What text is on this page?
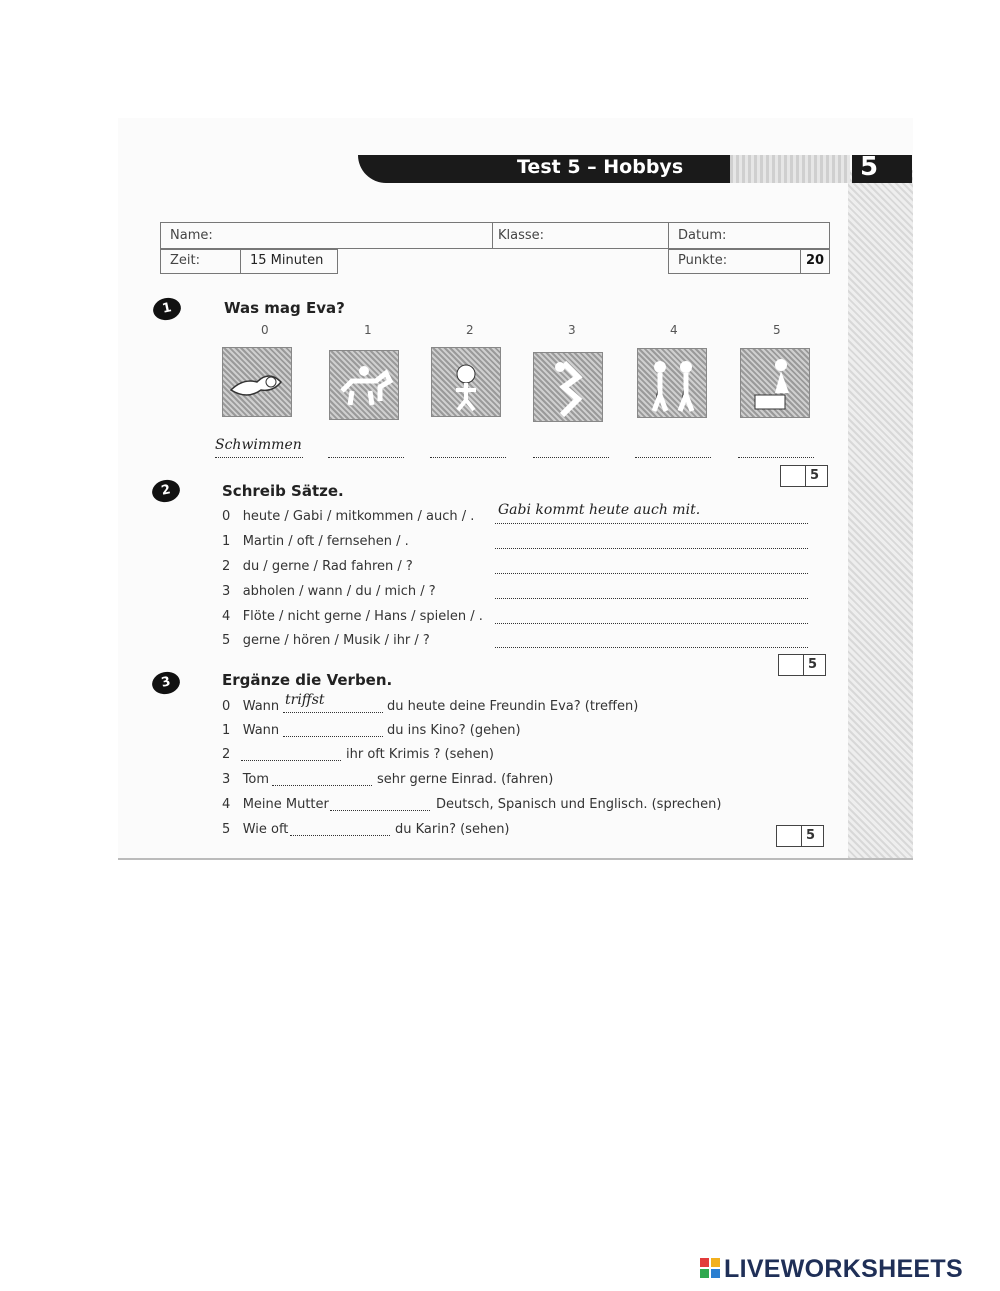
Test 5 – Hobbys	5
Name:	Klasse:	Datum:
Zeit:	15 Minuten	Punkte:	20
1	Was mag Eva?
0	1	2	3	4	5
Schwimmen
5
2	Schreib Sätze.
0 heute / Gabi / mitkommen / auch / . Gabi kommt heute auch mit.
1 Martin / oft / fernsehen / .
2 du / gerne / Rad fahren / ?
3 abholen / wann / du / mich / ?
4 Flöte / nicht gerne / Hans / spielen / .
5 gerne / hören / Musik / ihr / ?
5
3	Ergänze die Verben.
0 Wann triffst	du heute deine Freundin Eva? (treffen)
1 Wann	du ins Kino? (gehen)
2	ihr oft Krimis ? (sehen)
3 Tom	sehr gerne Einrad. (fahren)
4 Meine Mutter	Deutsch, Spanisch und Englisch. (sprechen)
5 Wie oft	du Karin? (sehen)	5
LIVEWORKSHEETS
